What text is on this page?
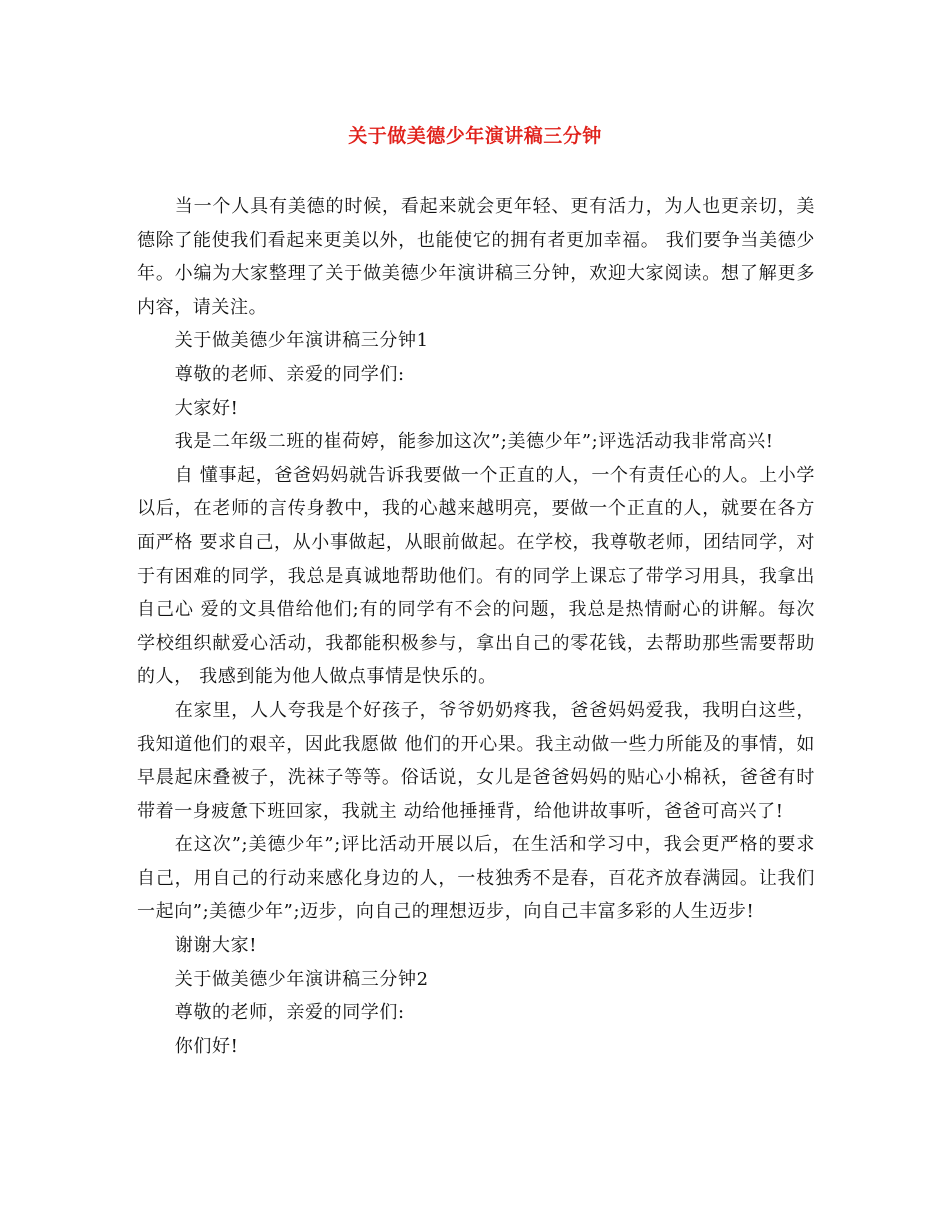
关于做美德少年演讲稿三分钟

当一个人具有美德的时候，看起来就会更年轻、更有活力，为人也更亲切，美德除了能使我们看起来更美以外，也能使它的拥有者更加幸福。 我们要争当美德少年。小编为大家整理了关于做美德少年演讲稿三分钟，欢迎大家阅读。想了解更多内容，请关注。

关于做美德少年演讲稿三分钟1

尊敬的老师、亲爱的同学们:

大家好!

我是二年级二班的崔荷婷，能参加这次”;美德少年”;评选活动我非常高兴!

自 懂事起，爸爸妈妈就告诉我要做一个正直的人，一个有责任心的人。上小学以后，在老师的言传身教中，我的心越来越明亮，要做一个正直的人，就要在各方面严格 要求自己，从小事做起，从眼前做起。在学校，我尊敬老师，团结同学，对于有困难的同学，我总是真诚地帮助他们。有的同学上课忘了带学习用具，我拿出自己心 爱的文具借给他们;有的同学有不会的问题，我总是热情耐心的讲解。每次学校组织献爱心活动，我都能积极参与，拿出自己的零花钱，去帮助那些需要帮助的人， 我感到能为他人做点事情是快乐的。

在家里，人人夸我是个好孩子，爷爷奶奶疼我，爸爸妈妈爱我，我明白这些，我知道他们的艰辛，因此我愿做 他们的开心果。我主动做一些力所能及的事情，如早晨起床叠被子，洗袜子等等。俗话说，女儿是爸爸妈妈的贴心小棉袄，爸爸有时带着一身疲惫下班回家，我就主 动给他捶捶背，给他讲故事听，爸爸可高兴了!

在这次”;美德少年”;评比活动开展以后，在生活和学习中，我会更严格的要求自己，用自己的行动来感化身边的人，一枝独秀不是春，百花齐放春满园。让我们一起向”;美德少年”;迈步，向自己的理想迈步，向自己丰富多彩的人生迈步!

谢谢大家!

关于做美德少年演讲稿三分钟2

尊敬的老师，亲爱的同学们:

你们好!
